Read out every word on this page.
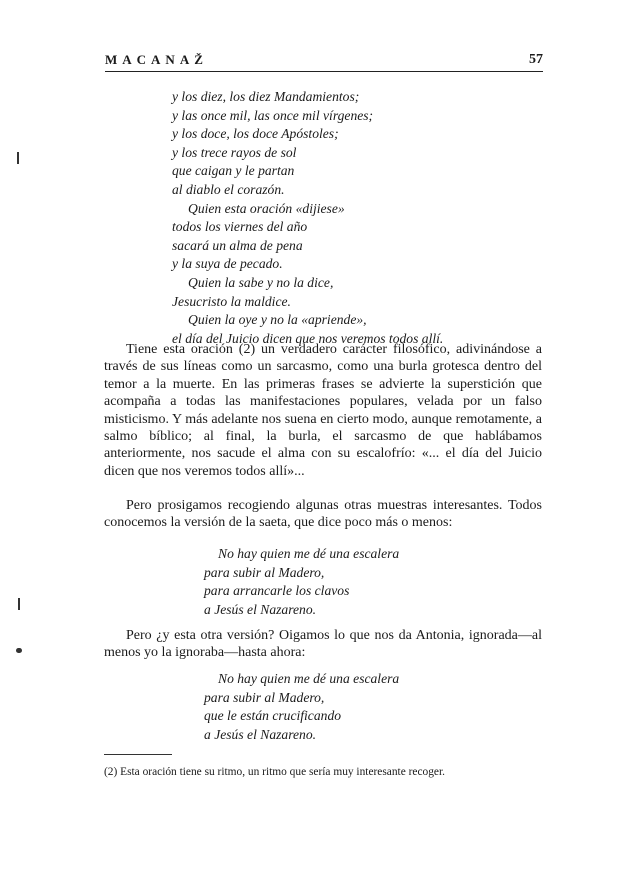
MACANAŽ	57
y los diez, los diez Mandamientos;
y las once mil, las once mil vírgenes;
y los doce, los doce Apóstoles;
y los trece rayos de sol
que caigan y le partan
al diablo el corazón.
Quien esta oración «dijiese»
todos los viernes del año
sacará un alma de pena
y la suya de pecado.
Quien la sabe y no la dice,
Jesucristo la maldice.
Quien la oye y no la «apriende»,
el día del Juicio dicen que nos veremos todos allí.

Tiene esta oración (2) un verdadero carácter filosófico, adivinándose a través de sus líneas como un sarcasmo, como una burla grotesca dentro del temor a la muerte. En las primeras frases se advierte la superstición que acompaña a todas las manifestaciones populares, velada por un falso misticismo. Y más adelante nos suena en cierto modo, aunque remotamente, a salmo bíblico; al final, la burla, el sarcasmo de que hablábamos anteriormente, nos sacude el alma con su escalofrío: «... el día del Juicio dicen que nos veremos todos allí»...

Pero prosigamos recogiendo algunas otras muestras interesantes. Todos conocemos la versión de la saeta, que dice poco más o menos:

No hay quien me dé una escalera
para subir al Madero,
para arrancarle los clavos
a Jesús el Nazareno.

Pero ¿y esta otra versión? Oigamos lo que nos da Antonia, ignorada—al menos yo la ignoraba—hasta ahora:

No hay quien me dé una escalera
para subir al Madero,
que le están crucificando
a Jesús el Nazareno.

(2) Esta oración tiene su ritmo, un ritmo que sería muy interesante recoger.
